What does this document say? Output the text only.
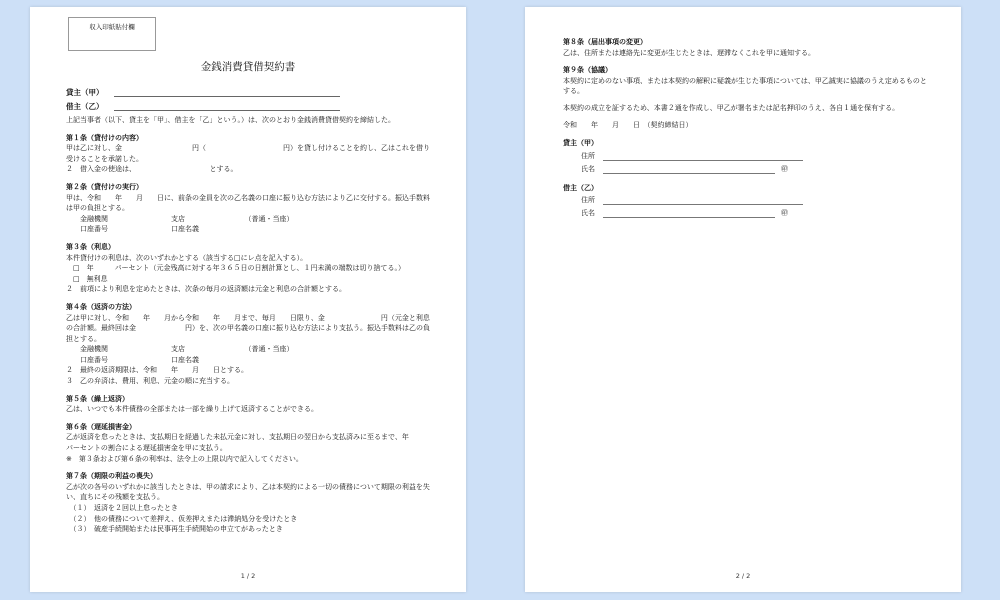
収入印紙貼付欄
金銭消費貸借契約書
貸主（甲）
借主（乙）

上記当事者（以下、貸主を「甲」、借主を「乙」という。）は、次のとおり金銭消費貸借契約を締結した。

第１条（貸付けの内容）

甲は乙に対し、金　　　　　　　　　　円（　　　　　　　　　　　円）を貸し付けることを約し、乙はこれを借り受けることを承諾した。

２　借入金の使途は、　　　　　　　　　　　とする。

第２条（貸付けの実行）

甲は、令和　　年　　月　　日に、前条の金員を次の乙名義の口座に振り込む方法により乙に交付する。振込手数料は甲の負担とする。

　　金融機関　　　　　　　　　支店　　　　　　　　　（普通・当座）

　　口座番号　　　　　　　　　口座名義

第３条（利息）

本件貸付けの利息は、次のいずれかとする（該当する□にレ点を記入する）。

　□　年　　　パーセント（元金残高に対する年３６５日の日割計算とし、１円未満の端数は切り捨てる。）

　□　無利息

２　前項により利息を定めたときは、次条の毎月の返済額は元金と利息の合計額とする。

第４条（返済の方法）

乙は甲に対し、令和　　年　　月から令和　　年　　月まで、毎月　　日限り、金　　　　　　　　円（元金と利息の合計額。最終回は金　　　　　　　円）を、次の甲名義の口座に振り込む方法により支払う。振込手数料は乙の負担とする。

　　金融機関　　　　　　　　　支店　　　　　　　　　（普通・当座）

　　口座番号　　　　　　　　　口座名義

２　最終の返済期限は、令和　　年　　月　　日とする。

３　乙の弁済は、費用、利息、元金の順に充当する。

第５条（繰上返済）

乙は、いつでも本件債務の全部または一部を繰り上げて返済することができる。

第６条（遅延損害金）

乙が返済を怠ったときは、支払期日を経過した未払元金に対し、支払期日の翌日から支払済みに至るまで、年　　　パーセントの割合による遅延損害金を甲に支払う。

※　第３条および第６条の利率は、法令上の上限以内で記入してください。

第７条（期限の利益の喪失）

乙が次の各号のいずれかに該当したときは、甲の請求により、乙は本契約による一切の債務について期限の利益を失い、直ちにその残額を支払う。

　（１）　返済を２回以上怠ったとき

　（２）　他の債務について差押え、仮差押えまたは滞納処分を受けたとき

　（３）　破産手続開始または民事再生手続開始の申立てがあったとき

1 / 2
第８条（届出事項の変更）

乙は、住所または連絡先に変更が生じたときは、遅滞なくこれを甲に通知する。

第９条（協議）

本契約に定めのない事項、または本契約の解釈に疑義が生じた事項については、甲乙誠実に協議のうえ定めるものとする。

本契約の成立を証するため、本書２通を作成し、甲乙が署名または記名押印のうえ、各自１通を保有する。

令和　　年　　月　　日　（契約締結日）

貸主（甲）
住所
氏名	㊞
借主（乙）
住所
氏名	㊞
2 / 2
